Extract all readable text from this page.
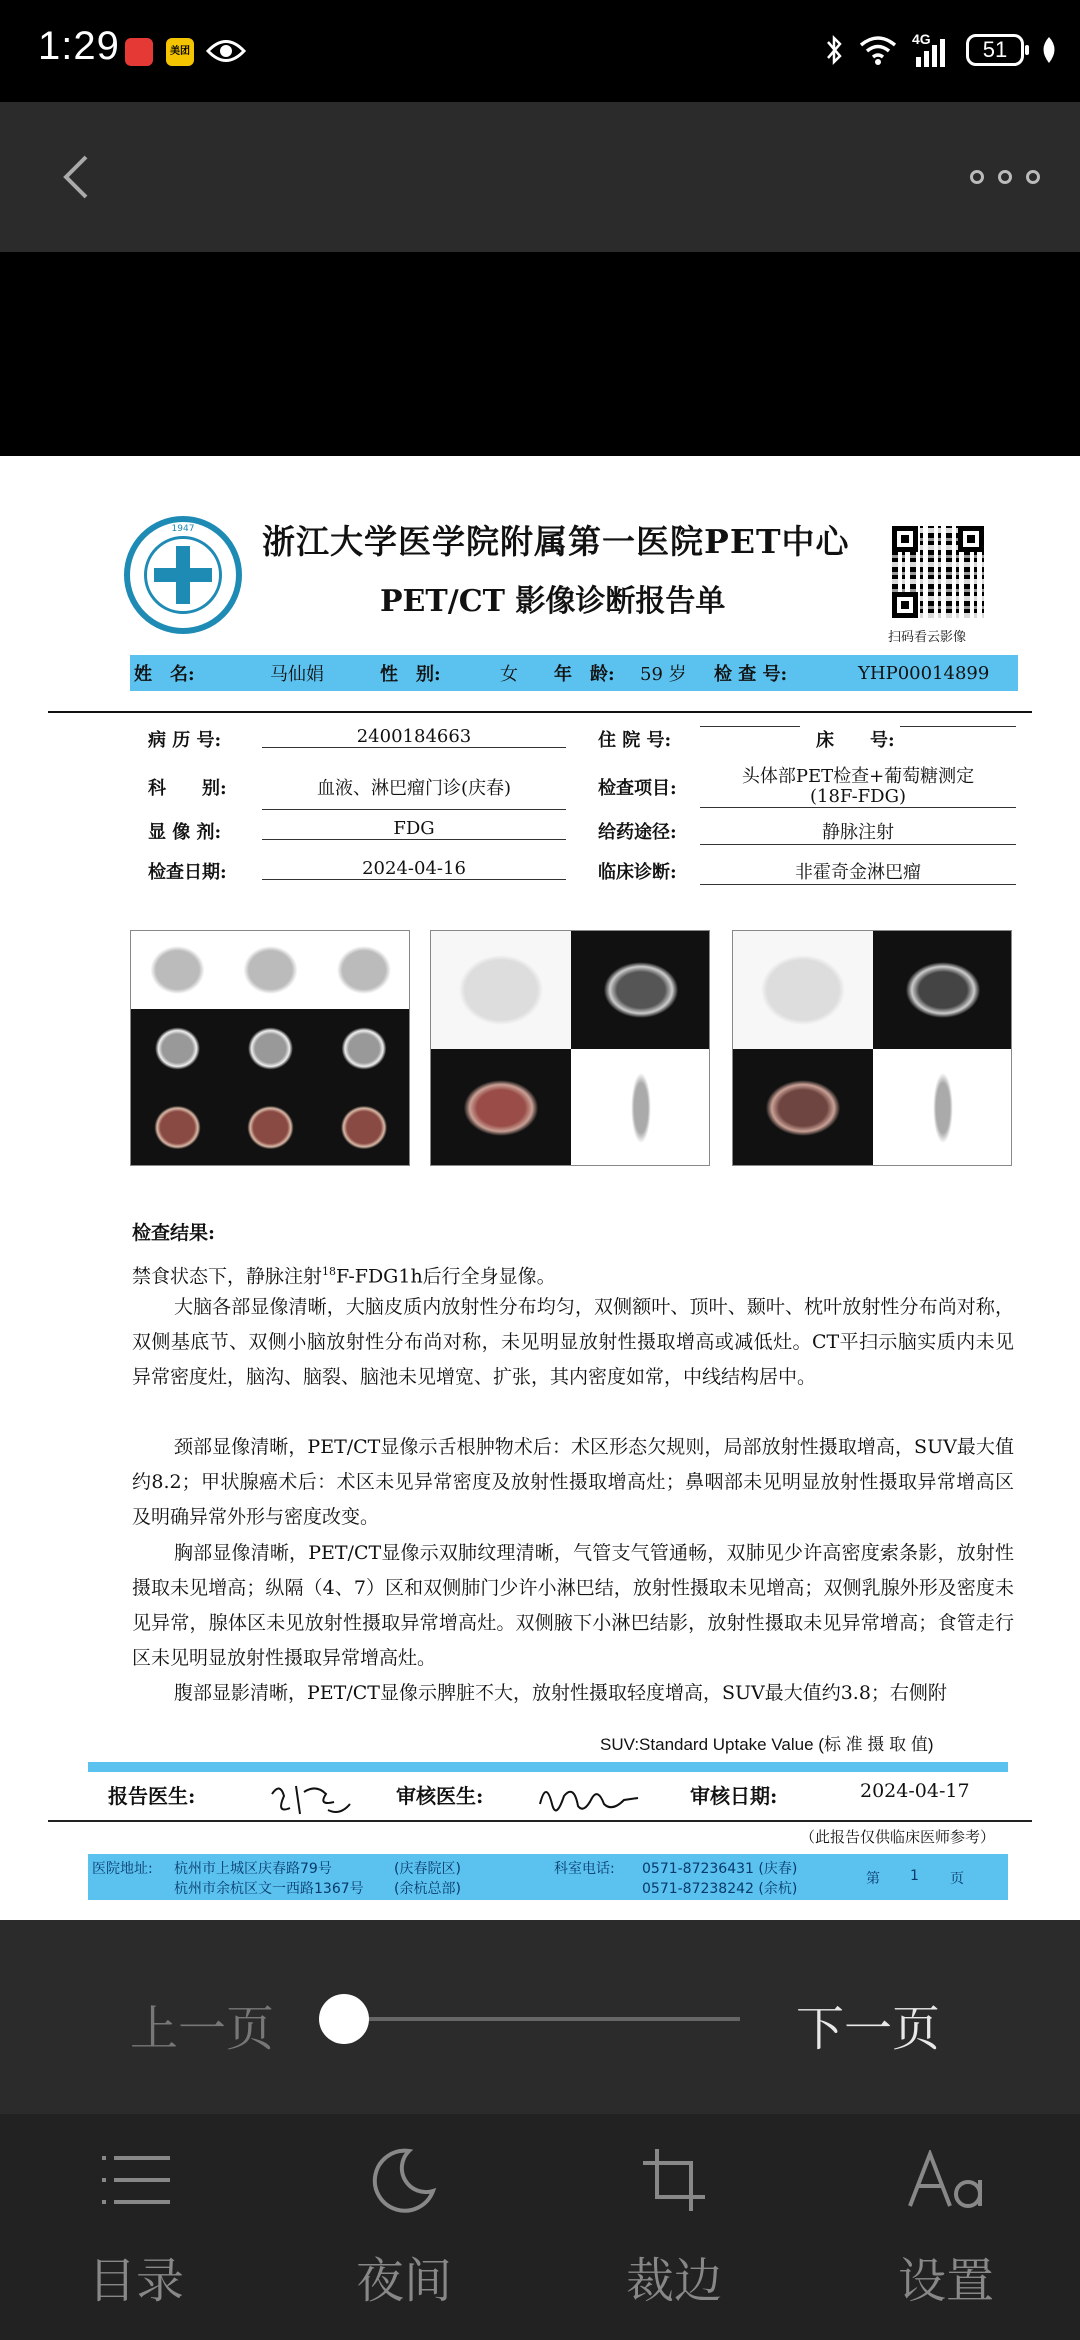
1:29	美团
4G	51
1947	浙江大学医学院附属第一医院PET中心
PET/CT 影像诊断报告单
扫码看云影像
姓　名:	马仙娟	性　别:	女 年　龄: 59 岁 检 查 号:	YHP00014899
病 历 号:	2400184663	住 院 号:	床　　号:
科　　别:	血液、淋巴瘤门诊(庆春)	检查项目:
头体部PET检查+葡萄糖测定
(18F-FDG)
显 像 剂:	FDG	给药途径:	静脉注射
检查日期:	2024-04-16	临床诊断:	非霍奇金淋巴瘤
检查结果:
禁食状态下，静脉注射$^{18}$F-FDG1h后行全身显像。
大脑各部显像清晰，大脑皮质内放射性分布均匀，双侧额叶、顶叶、颞叶、枕叶放射性分布尚对称，双侧基底节、双侧小脑放射性分布尚对称，未见明显放射性摄取增高或减低灶。CT平扫示脑实质内未见异常密度灶，脑沟、脑裂、脑池未见增宽、扩张，其内密度如常，中线结构居中。
颈部显像清晰，PET/CT显像示舌根肿物术后：术区形态欠规则，局部放射性摄取增高，SUV最大值约8.2；甲状腺癌术后：术区未见异常密度及放射性摄取增高灶；鼻咽部未见明显放射性摄取异常增高区及明确异常外形与密度改变。
胸部显像清晰，PET/CT显像示双肺纹理清晰，气管支气管通畅，双肺见少许高密度索条影，放射性摄取未见增高；纵隔（4、7）区和双侧肺门少许小淋巴结，放射性摄取未见增高；双侧乳腺外形及密度未见异常，腺体区未见放射性摄取异常增高灶。双侧腋下小淋巴结影，放射性摄取未见异常增高；食管走行区未见明显放射性摄取异常增高灶。
腹部显影清晰，PET/CT显像示脾脏不大，放射性摄取轻度增高，SUV最大值约3.8；右侧附
SUV:Standard Uptake Value (标 准 摄 取 值)
报告医生:	审核医生:	审核日期:	2024-04-17
（此报告仅供临床医师参考）
医院地址: 杭州市上城区庆春路79号	(庆春院区)
杭州市余杭区文一西路1367号 (余杭总部)
科室电话: 0571-87236431 (庆春)
0571-87238242 (余杭)
第 1 页
上一页	下一页
目录	夜间	裁边	设置
